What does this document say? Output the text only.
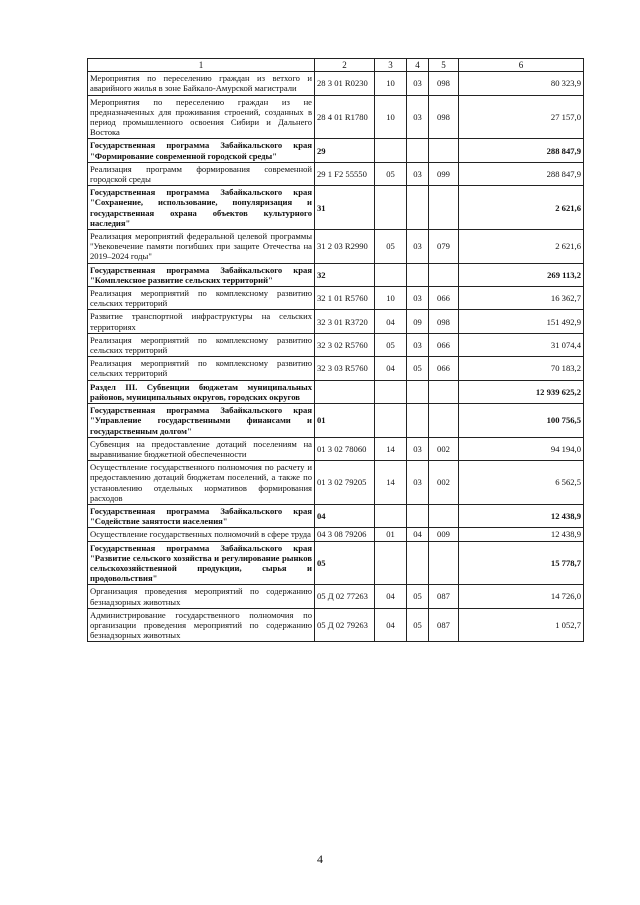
1	2	3	4	5	6
Мероприятия по переселению граждан из ветхого и аварийного жилья в зоне Байкало-Амурской магистрали	28 3 01 R0230	10	03	098	80 323,9
Мероприятия по переселению граждан из не предназначенных для проживания строений, созданных в период промышленного освоения Сибири и Дальнего Востока	28 4 01 R1780	10	03	098	27 157,0
Государственная программа Забайкальского края "Формирование современной городской среды"	29				288 847,9
Реализация программ формирования современной городской среды	29 1 F2 55550	05	03	099	288 847,9
Государственная программа Забайкальского края "Сохранение, использование, популяризация и государственная охрана объектов культурного наследия"	31				2 621,6
Реализация мероприятий федеральной целевой программы "Увековечение памяти погибших при защите Отечества на 2019–2024 годы"	31 2 03 R2990	05	03	079	2 621,6
Государственная программа Забайкальского края "Комплексное развитие сельских территорий"	32				269 113,2
Реализация мероприятий по комплексному развитию сельских территорий	32 1 01 R5760	10	03	066	16 362,7
Развитие транспортной инфраструктуры на сельских территориях	32 3 01 R3720	04	09	098	151 492,9
Реализация мероприятий по комплексному развитию сельских территорий	32 3 02 R5760	05	03	066	31 074,4
Реализация мероприятий по комплексному развитию сельских территорий	32 3 03 R5760	04	05	066	70 183,2
Раздел III. Субвенции бюджетам муниципальных районов, муниципальных округов, городских округов					12 939 625,2
Государственная программа Забайкальского края "Управление государственными финансами и государственным долгом"	01				100 756,5
Субвенция на предоставление дотаций поселениям на выравнивание бюджетной обеспеченности	01 3 02 78060	14	03	002	94 194,0
Осуществление государственного полномочия по расчету и предоставлению дотаций бюджетам поселений, а также по установлению отдельных нормативов формирования расходов	01 3 02 79205	14	03	002	6 562,5
Государственная программа Забайкальского края "Содействие занятости населения"	04				12 438,9
Осуществление государственных полномочий в сфере труда	04 3 08 79206	01	04	009	12 438,9
Государственная программа Забайкальского края "Развитие сельского хозяйства и регулирование рынков сельскохозяйственной продукции, сырья и продовольствия"	05				15 778,7
Организация проведения мероприятий по содержанию безнадзорных животных	05 Д 02 77263	04	05	087	14 726,0
Администрирование государственного полномочия по организации проведения мероприятий по содержанию безнадзорных животных	05 Д 02 79263	04	05	087	1 052,7
4
